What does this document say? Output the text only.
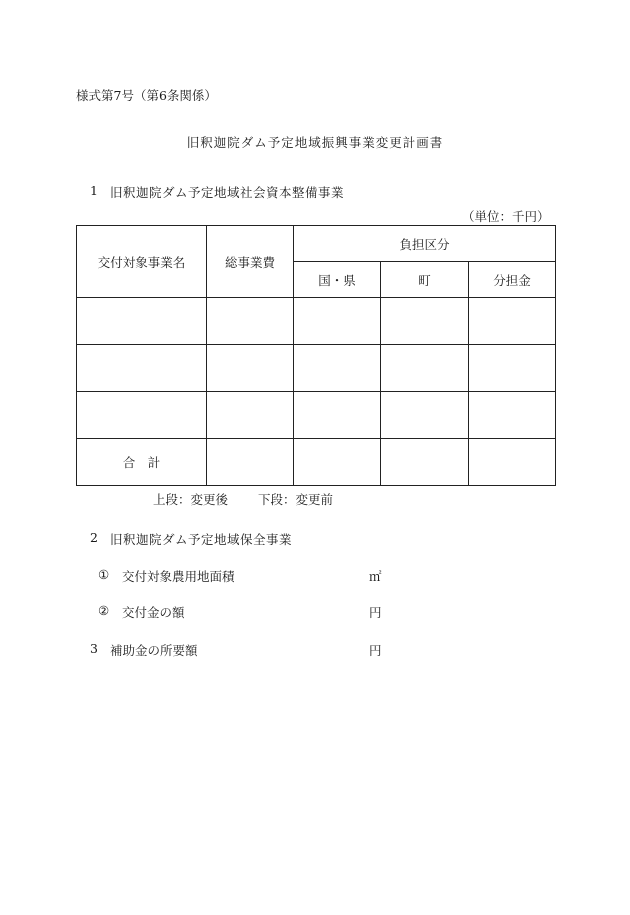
様式第7号（第6条関係）
旧釈迦院ダム予定地域振興事業変更計画書
1 旧釈迦院ダム予定地域社会資本整備事業
（単位：千円）
交付対象事業名	総事業費	負担区分		
		国・県	町	分担金

合　計				
上段：変更後 下段：変更前
2 旧釈迦院ダム予定地域保全事業
① 交付対象農用地面積	㎡
② 交付金の額	円
3 補助金の所要額	円
